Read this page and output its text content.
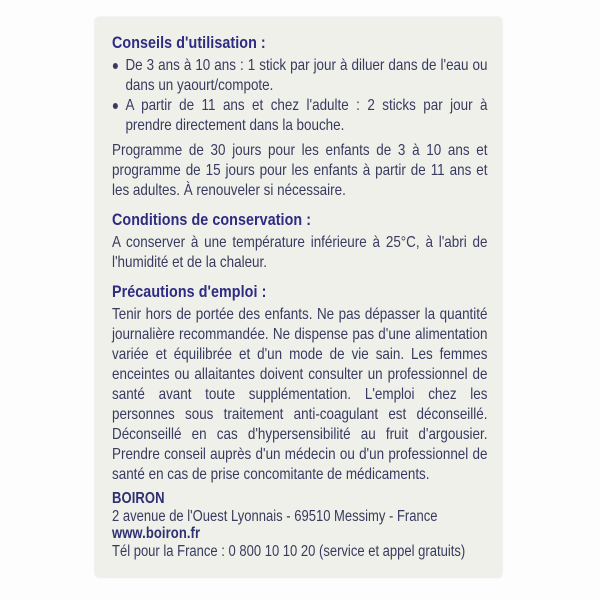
Conseils d'utilisation :
De 3 ans à 10 ans : 1 stick par jour à diluer dans de l'eau ou dans un yaourt/compote.
A partir de 11 ans et chez l'adulte : 2 sticks par jour à prendre directement dans la bouche.

Programme de 30 jours pour les enfants de 3 à 10 ans et programme de 15 jours pour les enfants à partir de 11 ans et les adultes. À renouveler si nécessaire.

Conditions de conservation :

A conserver à une température inférieure à 25°C, à l'abri de l'humidité et de la chaleur.

Précautions d'emploi :

Tenir hors de portée des enfants. Ne pas dépasser la quantité journalière recommandée. Ne dispense pas d'une alimentation variée et équilibrée et d'un mode de vie sain. Les femmes enceintes ou allaitantes doivent consulter un professionnel de santé avant toute supplémentation. L'emploi chez les personnes sous traitement anti-coagulant est déconseillé. Déconseillé en cas d'hypersensibilité au fruit d'argousier. Prendre conseil auprès d'un médecin ou d'un professionnel de santé en cas de prise concomitante de médicaments.

BOIRON
2 avenue de l'Ouest Lyonnais - 69510 Messimy - France
www.boiron.fr
Tél pour la France : 0 800 10 10 20 (service et appel gratuits)
